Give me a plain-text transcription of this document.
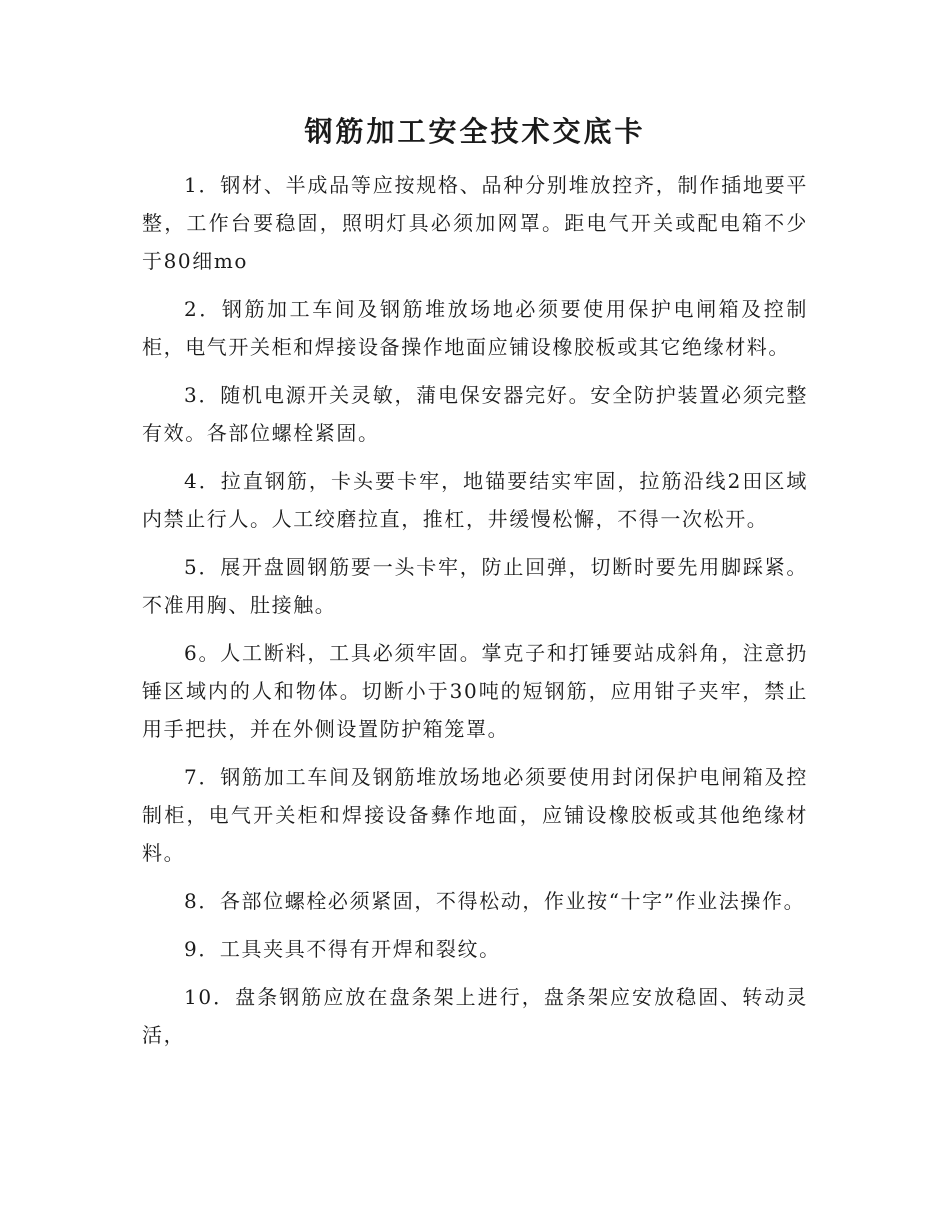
钢筋加工安全技术交底卡

1．钢材、半成品等应按规格、品种分别堆放控齐，制作插地要平整，工作台要稳固，照明灯具必须加网罩。距电气开关或配电箱不少于80细mo

2．钢筋加工车间及钢筋堆放场地必须要使用保护电闸箱及控制柜，电气开关柜和焊接设备操作地面应铺设橡胶板或其它绝缘材料。

3．随机电源开关灵敏，蒲电保安器完好。安全防护装置必须完整有效。各部位螺栓紧固。

4．拉直钢筋，卡头要卡牢，地锚要结实牢固，拉筋沿线2田区域内禁止行人。人工绞磨拉直，推杠，井缓慢松懈，不得一次松开。

5．展开盘圆钢筋要一头卡牢，防止回弹，切断时要先用脚踩紧。不准用胸、肚接触。

6。人工断料，工具必须牢固。掌克子和打锤要站成斜角，注意扔锤区域内的人和物体。切断小于30吨的短钢筋，应用钳子夹牢，禁止用手把扶，并在外侧设置防护箱笼罩。

7．钢筋加工车间及钢筋堆放场地必须要使用封闭保护电闸箱及控制柜，电气开关柜和焊接设备彝作地面，应铺设橡胶板或其他绝缘材料。

8．各部位螺栓必须紧固，不得松动，作业按“十字”作业法操作。

9．工具夹具不得有开焊和裂纹。

10．盘条钢筋应放在盘条架上进行，盘条架应安放稳固、转动灵活，
